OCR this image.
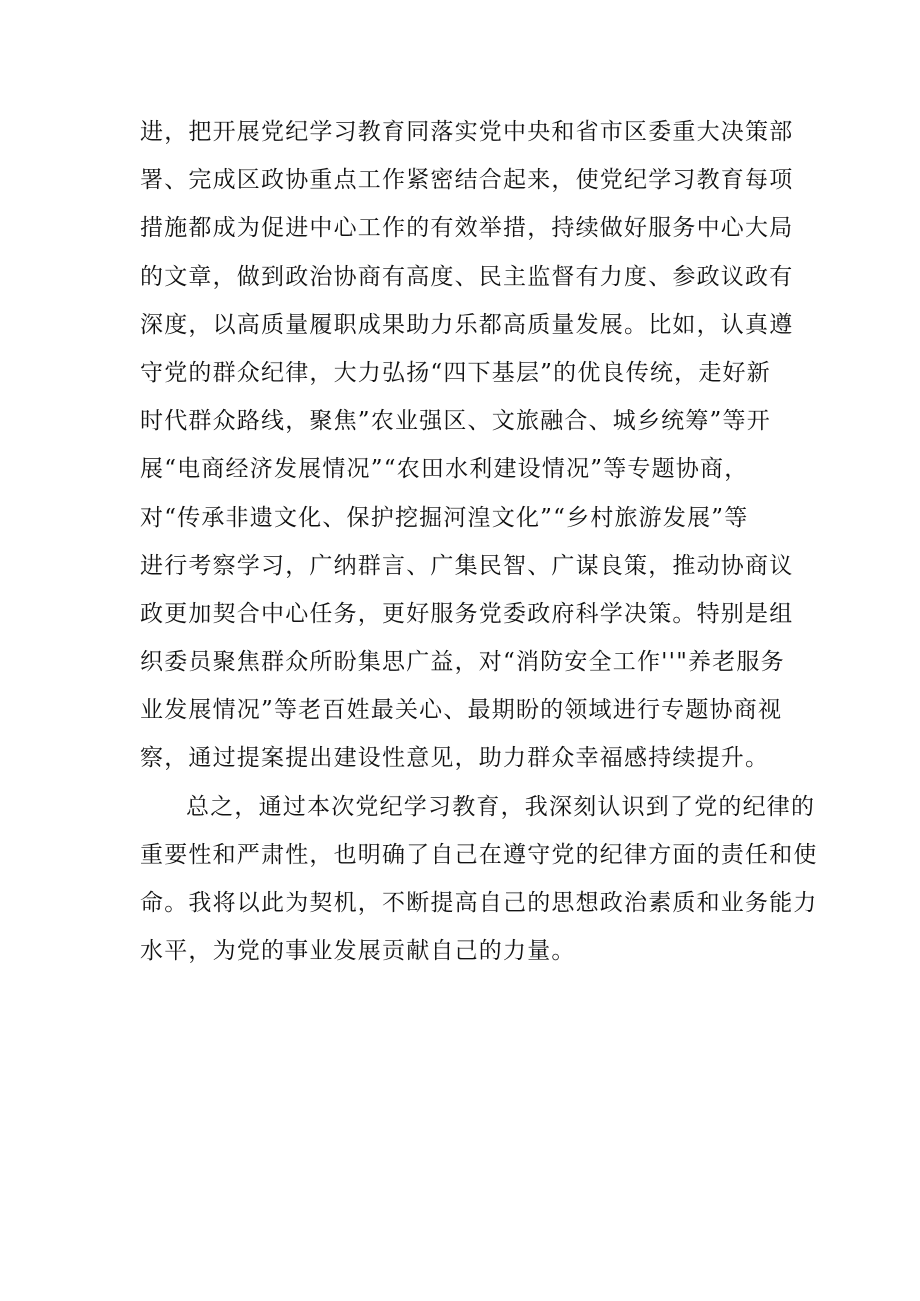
进，把开展党纪学习教育同落实党中央和省市区委重大决策部
署、完成区政协重点工作紧密结合起来，使党纪学习教育每项
措施都成为促进中心工作的有效举措，持续做好服务中心大局
的文章，做到政治协商有高度、民主监督有力度、参政议政有
深度，以高质量履职成果助力乐都高质量发展。比如，认真遵
守党的群众纪律，大力弘扬“四下基层”的优良传统，走好新
时代群众路线，聚焦”农业强区、文旅融合、城乡统筹”等开
展“电商经济发展情况”“农田水利建设情况”等专题协商，
对“传承非遗文化、保护挖掘河湟文化”“乡村旅游发展”等
进行考察学习，广纳群言、广集民智、广谋良策，推动协商议
政更加契合中心任务，更好服务党委政府科学决策。特别是组
织委员聚焦群众所盼集思广益，对“消防安全工作''"养老服务
业发展情况”等老百姓最关心、最期盼的领域进行专题协商视
察，通过提案提出建设性意见，助力群众幸福感持续提升。
总之，通过本次党纪学习教育，我深刻认识到了党的纪律的
重要性和严肃性，也明确了自己在遵守党的纪律方面的责任和使
命。我将以此为契机，不断提高自己的思想政治素质和业务能力
水平，为党的事业发展贡献自己的力量。
